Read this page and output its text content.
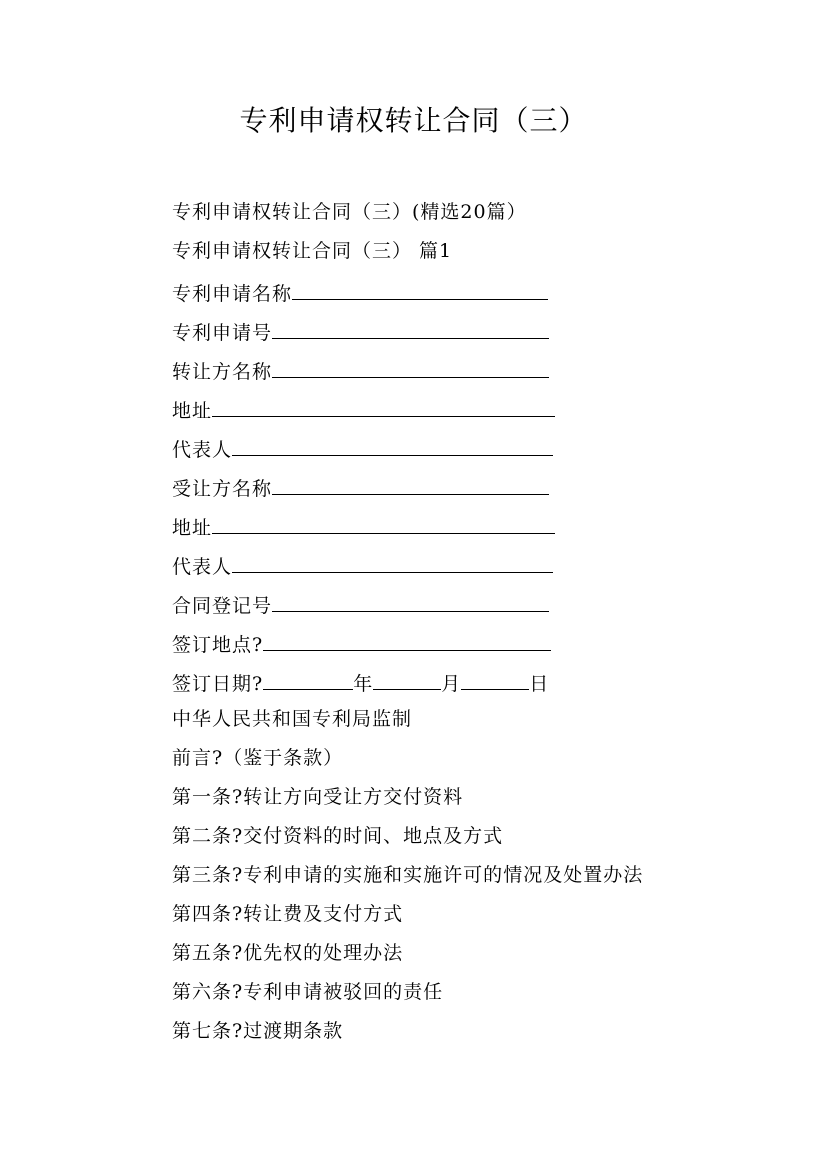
专利申请权转让合同（三）
专利申请权转让合同（三）(精选20篇）
专利申请权转让合同（三） 篇1
专利申请名称
专利申请号
转让方名称
地址
代表人
受让方名称
地址
代表人
合同登记号
签订地点?
签订日期?	年	月	日
中华人民共和国专利局监制
前言?（鉴于条款）
第一条?转让方向受让方交付资料
第二条?交付资料的时间、地点及方式
第三条?专利申请的实施和实施许可的情况及处置办法
第四条?转让费及支付方式
第五条?优先权的处理办法
第六条?专利申请被驳回的责任
第七条?过渡期条款
